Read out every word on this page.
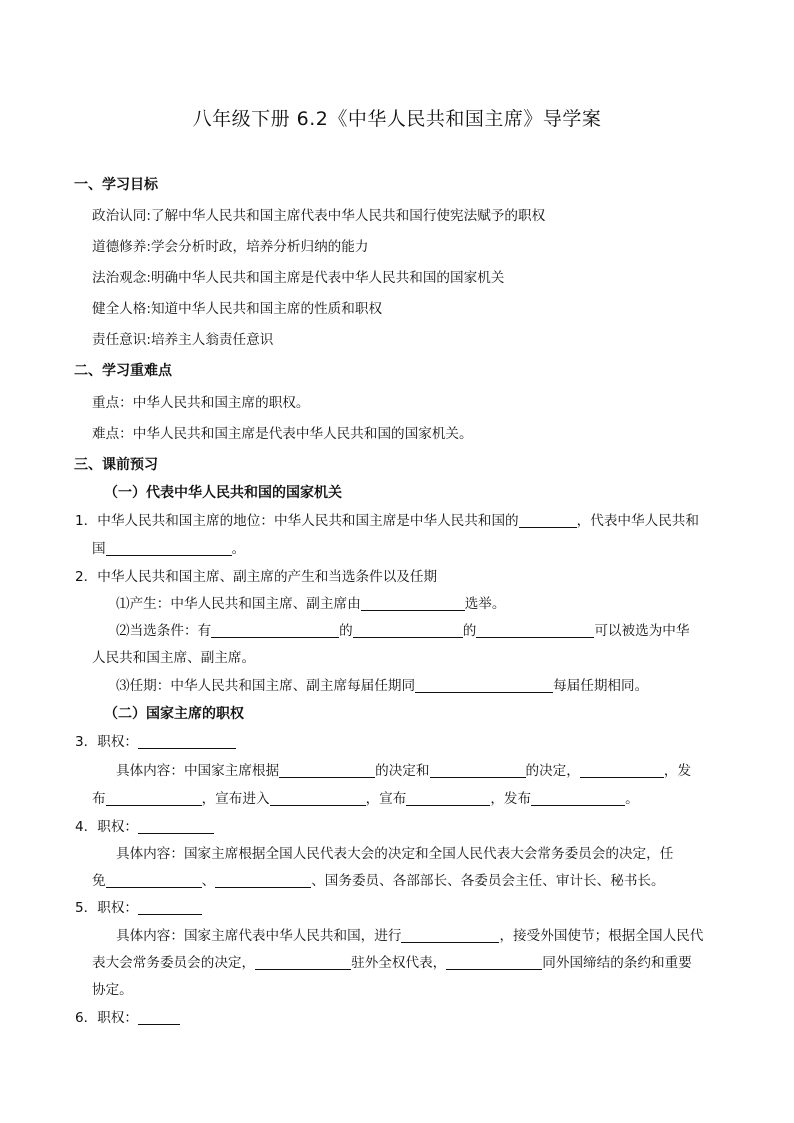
八年级下册 6.2《中华人民共和国主席》导学案
一、学习目标
政治认同:了解中华人民共和国主席代表中华人民共和国行使宪法赋予的职权
道德修养:学会分析时政，培养分析归纳的能力
法治观念:明确中华人民共和国主席是代表中华人民共和国的国家机关
健全人格:知道中华人民共和国主席的性质和职权
责任意识:培养主人翁责任意识
二、学习重难点
重点：中华人民共和国主席的职权。
难点：中华人民共和国主席是代表中华人民共和国的国家机关。
三、课前预习
（一）代表中华人民共和国的国家机关
1．中华人民共和国主席的地位：中华人民共和国主席是中华人民共和国的	，代表中华人民共和
国	。
2．中华人民共和国主席、副主席的产生和当选条件以及任期
⑴产生：中华人民共和国主席、副主席由	选举。
⑵当选条件：有	的	的	可以被选为中华
人民共和国主席、副主席。
⑶任期：中华人民共和国主席、副主席每届任期同	每届任期相同。
（二）国家主席的职权
3．职权：
具体内容：中国家主席根据	的决定和	的决定，	，发
布	，宣布进入	，宣布	，发布	。
4．职权：
具体内容：国家主席根据全国人民代表大会的决定和全国人民代表大会常务委员会的决定，任
免	、	、国务委员、各部部长、各委员会主任、审计长、秘书长。
5．职权：
具体内容：国家主席代表中华人民共和国，进行	，接受外国使节；根据全国人民代
表大会常务委员会的决定，	驻外全权代表，	同外国缔结的条约和重要
协定。
6．职权：
